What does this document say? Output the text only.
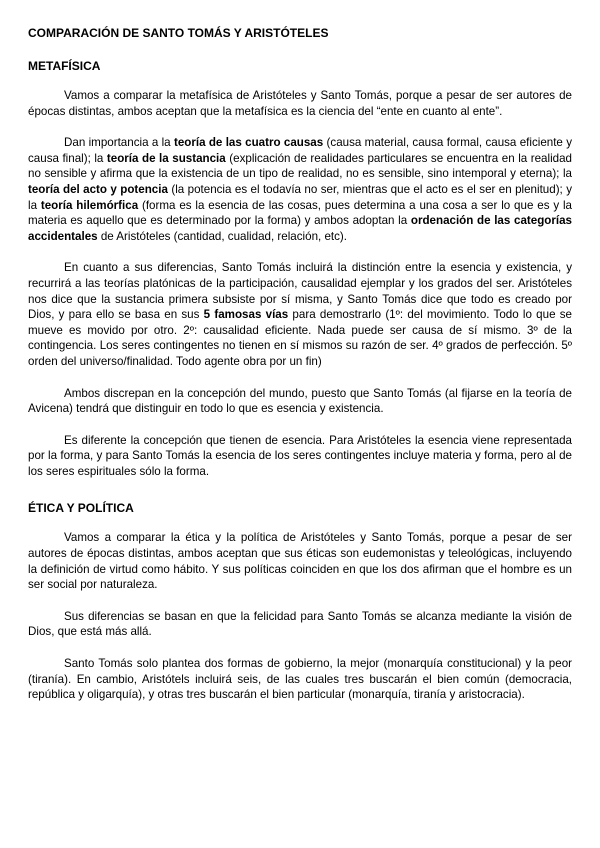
COMPARACIÓN DE SANTO TOMÁS Y ARISTÓTELES
METAFÍSICA

Vamos a comparar la metafísica de Aristóteles y Santo Tomás, porque a pesar de ser autores de épocas distintas, ambos aceptan que la metafísica es la ciencia del “ente en cuanto al ente”.

Dan importancia a la teoría de las cuatro causas (causa material, causa formal, causa eficiente y causa final); la teoría de la sustancia (explicación de realidades particulares se encuentra en la realidad no sensible y afirma que la existencia de un tipo de realidad, no es sensible, sino intemporal y eterna); la teoría del acto y potencia (la potencia es el todavía no ser, mientras que el acto es el ser en plenitud); y la teoría hilemórfica (forma es la esencia de las cosas, pues determina a una cosa a ser lo que es y la materia es aquello que es determinado por la forma) y ambos adoptan la ordenación de las categorías accidentales de Aristóteles (cantidad, cualidad, relación, etc).

En cuanto a sus diferencias, Santo Tomás incluirá la distinción entre la esencia y existencia, y recurrirá a las teorías platónicas de la participación, causalidad ejemplar y los grados del ser. Aristóteles nos dice que la sustancia primera subsiste por sí misma, y Santo Tomás dice que todo es creado por Dios, y para ello se basa en sus 5 famosas vías para demostrarlo (1º: del movimiento. Todo lo que se mueve es movido por otro. 2º: causalidad eficiente. Nada puede ser causa de sí mismo. 3º de la contingencia. Los seres contingentes no tienen en sí mismos su razón de ser. 4º grados de perfección. 5º orden del universo/finalidad. Todo agente obra por un fin)

Ambos discrepan en la concepción del mundo, puesto que Santo Tomás (al fijarse en la teoría de Avicena) tendrá que distinguir en todo lo que es esencia y existencia.

Es diferente la concepción que tienen de esencia. Para Aristóteles la esencia viene representada por la forma, y para Santo Tomás la esencia de los seres contingentes incluye materia y forma, pero al de los seres espirituales sólo la forma.

ÉTICA Y POLÍTICA

Vamos a comparar la ética y la política de Aristóteles y Santo Tomás, porque a pesar de ser autores de épocas distintas, ambos aceptan que sus éticas son eudemonistas y teleológicas, incluyendo la definición de virtud como hábito. Y sus políticas coinciden en que los dos afirman que el hombre es un ser social por naturaleza.

Sus diferencias se basan en que la felicidad para Santo Tomás se alcanza mediante la visión de Dios, que está más allá.

Santo Tomás solo plantea dos formas de gobierno, la mejor (monarquía constitucional) y la peor (tiranía). En cambio, Aristótels incluirá seis, de las cuales tres buscarán el bien común (democracia, república y oligarquía), y otras tres buscarán el bien particular (monarquía, tiranía y aristocracia).
